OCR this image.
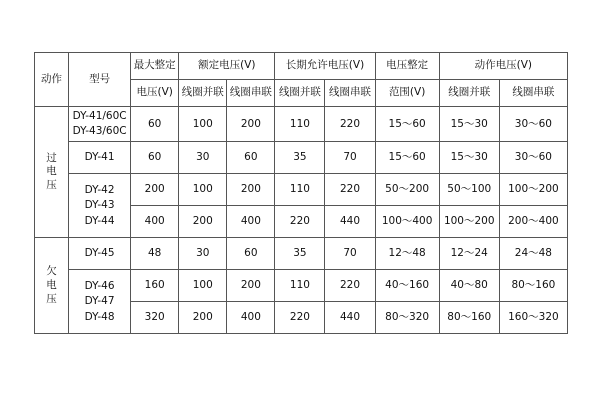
动作	型号	最大整定	额定电压(V)		长期允许电压(V)		电压整定	动作电压(V)	
		电压(V)	线圈并联	线圈串联	线圈并联	线圈串联	范围(V)	线圈并联	线圈串联

过电压	DY-41/60C
DY-43/60C	60	100	200	110	220	15～60	15～30	30～60

	DY-41	60	30	60	35	70	15～60	15～30	30～60

	DY-42
DY-43
DY-44	200	100	200	110	220	50～200	50～100	100～200
		400	200	400	220	440	100～400	100～200	200～400

欠电压	DY-45	48	30	60	35	70	12～48	12～24	24～48

	DY-46
DY-47
DY-48	160	100	200	110	220	40～160	40～80	80～160
		320	200	400	220	440	80～320	80～160	160～320
